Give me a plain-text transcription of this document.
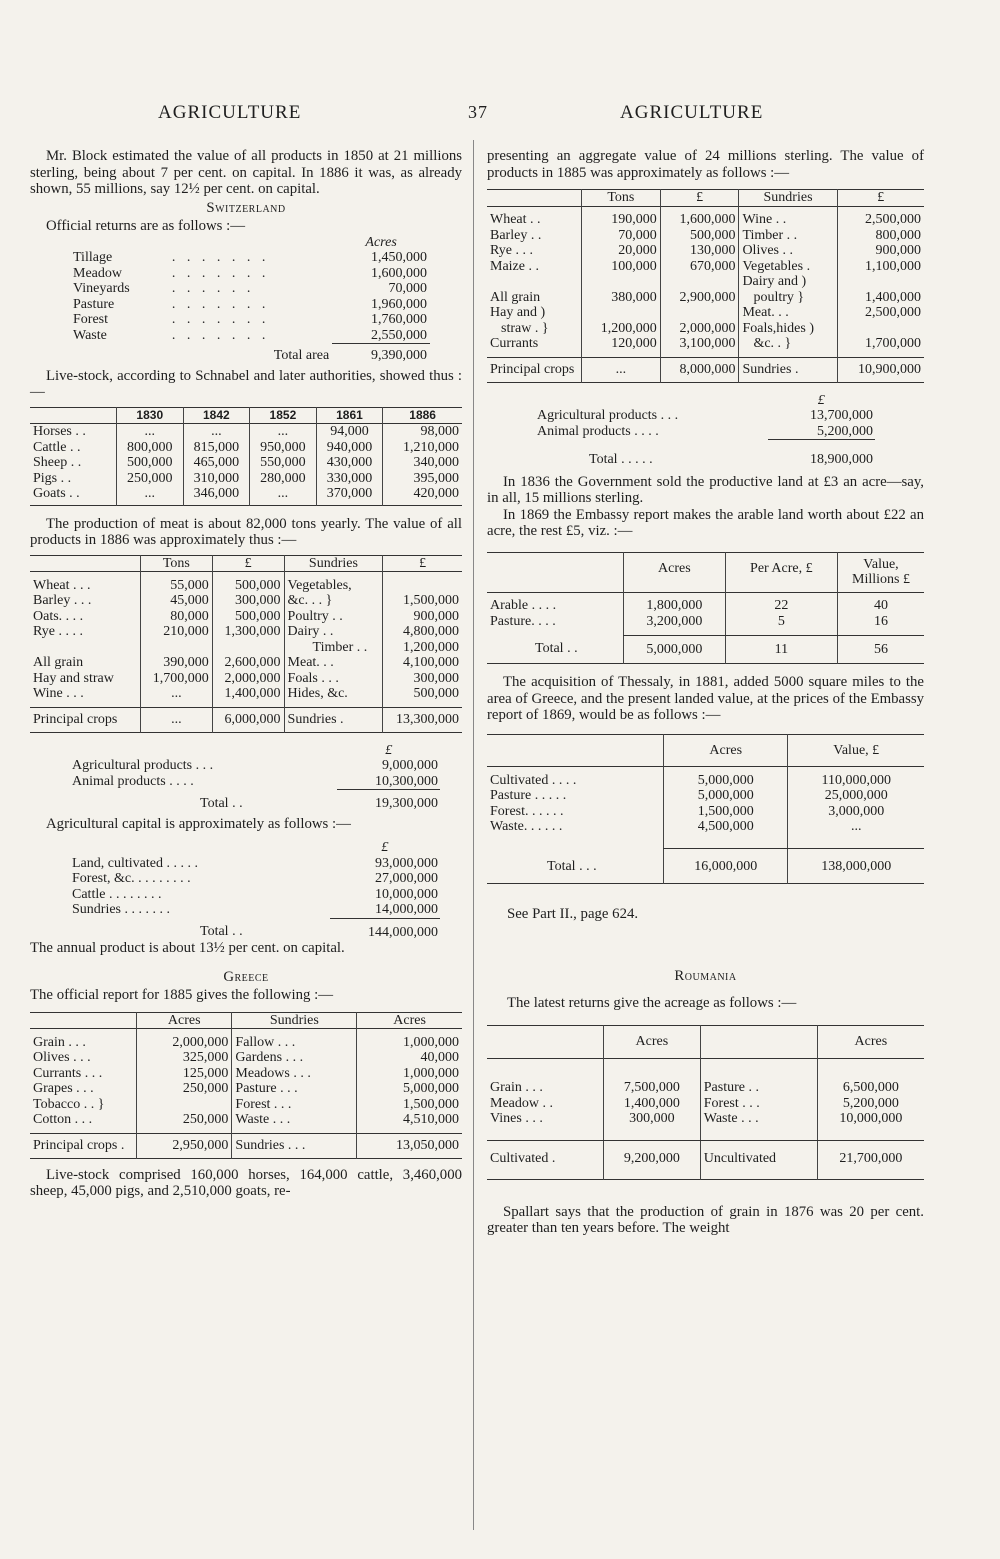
AGRICULTURE	37	AGRICULTURE

Mr. Block estimated the value of all products in 1850 at 21 millions sterling, being about 7 per cent. on capital. In 1886 it was, as already shown, 55 millions, say 12½ per cent. on capital.

Switzerland

Official returns are as follows :—

		Acres
Tillage	. . . . . . .	1,450,000
Meadow	. . . . . . .	1,600,000
Vineyards	. . . . . .	70,000
Pasture	. . . . . . .	1,960,000
Forest	. . . . . . .	1,760,000
Waste	. . . . . . .	2,550,000
	Total area	9,390,000

Live-stock, according to Schnabel and later authorities, showed thus :—

	1830	1842	1852	1861	1886
Horses . .	...	...	...	94,000	98,000
Cattle . .	800,000	815,000	950,000	940,000	1,210,000
Sheep . .	500,000	465,000	550,000	430,000	340,000
Pigs . .	250,000	310,000	280,000	330,000	395,000
Goats . .	...	346,000	...	370,000	420,000

The production of meat is about 82,000 tons yearly. The value of all products in 1886 was approximately thus :—

	Tons	£	Sundries	£

Wheat . . .	55,000	500,000	Vegetables,	
Barley . . .	45,000	300,000	&c. . . }	1,500,000
Oats. . . .	80,000	500,000	Poultry . .	900,000
Rye . . . .	210,000	1,300,000	Dairy . .	4,800,000
			Timber . .	1,200,000
All grain	390,000	2,600,000	Meat. . .	4,100,000
Hay and straw	1,700,000	2,000,000	Foals . . .	300,000
Wine . . .	...	1,400,000	Hides, &c.	500,000

Principal crops	...	6,000,000	Sundries .	13,300,000
	£
Agricultural products . . .	9,000,000
Animal products . . . .	10,300,000
Total . .	19,300,000

Agricultural capital is approximately as follows :—

	£
Land, cultivated . . . . .	93,000,000
Forest, &c. . . . . . . . .	27,000,000
Cattle . . . . . . . .	10,000,000
Sundries . . . . . . .	14,000,000
Total . .	144,000,000

The annual product is about 13½ per cent. on capital.

Greece

The official report for 1885 gives the following :—

	Acres	Sundries	Acres

Grain . . .	2,000,000	Fallow . . .	1,000,000
Olives . . .	325,000	Gardens . . .	40,000
Currants . . .	125,000	Meadows . . .	1,000,000
Grapes . . .	250,000	Pasture . . .	5,000,000
Tobacco . . }		Forest . . .	1,500,000
Cotton . . .	250,000	Waste . . .	4,510,000

Principal crops .	2,950,000	Sundries . . .	13,050,000

Live-stock comprised 160,000 horses, 164,000 cattle, 3,460,000 sheep, 45,000 pigs, and 2,510,000 goats, re-

presenting an aggregate value of 24 millions sterling. The value of products in 1885 was approximately as follows :—

	Tons	£	Sundries	£

Wheat . .	190,000	1,600,000	Wine . .	2,500,000
Barley . .	70,000	500,000	Timber . .	800,000
Rye . . .	20,000	130,000	Olives . .	900,000
Maize . .	100,000	670,000	Vegetables .	1,100,000
			Dairy and )	
All grain	380,000	2,900,000	poultry }	1,400,000
Hay and )			Meat. . .	2,500,000
straw . }	1,200,000	2,000,000	Foals,hides )	
Currants	120,000	3,100,000	&c. . }	1,700,000

Principal crops	...	8,000,000	Sundries .	10,900,000
	£
Agricultural products . . .	13,700,000
Animal products . . . .	5,200,000
Total . . . . .	18,900,000

In 1836 the Government sold the productive land at £3 an acre—say, in all, 15 millions sterling.

In 1869 the Embassy report makes the arable land worth about £22 an acre, the rest £5, viz. :—

	Acres	Per Acre, £	Value, Millions £

Arable . . . .	1,800,000	22	40
Pasture. . . .	3,200,000	5	16

Total . .	5,000,000	11	56

The acquisition of Thessaly, in 1881, added 5000 square miles to the area of Greece, and the present landed value, at the prices of the Embassy report of 1869, would be as follows :—

	Acres	Value, £

Cultivated . . . .	5,000,000	110,000,000
Pasture . . . . .	5,000,000	25,000,000
Forest. . . . . .	1,500,000	3,000,000
Waste. . . . . .	4,500,000	...

Total . . .	16,000,000	138,000,000

See Part II., page 624.

Roumania

The latest returns give the acreage as follows :—

	Acres		Acres

Grain . . .	7,500,000	Pasture . .	6,500,000
Meadow . .	1,400,000	Forest . . .	5,200,000
Vines . . .	300,000	Waste . . .	10,000,000

Cultivated .	9,200,000	Uncultivated	21,700,000

Spallart says that the production of grain in 1876 was 20 per cent. greater than ten years before. The weight
